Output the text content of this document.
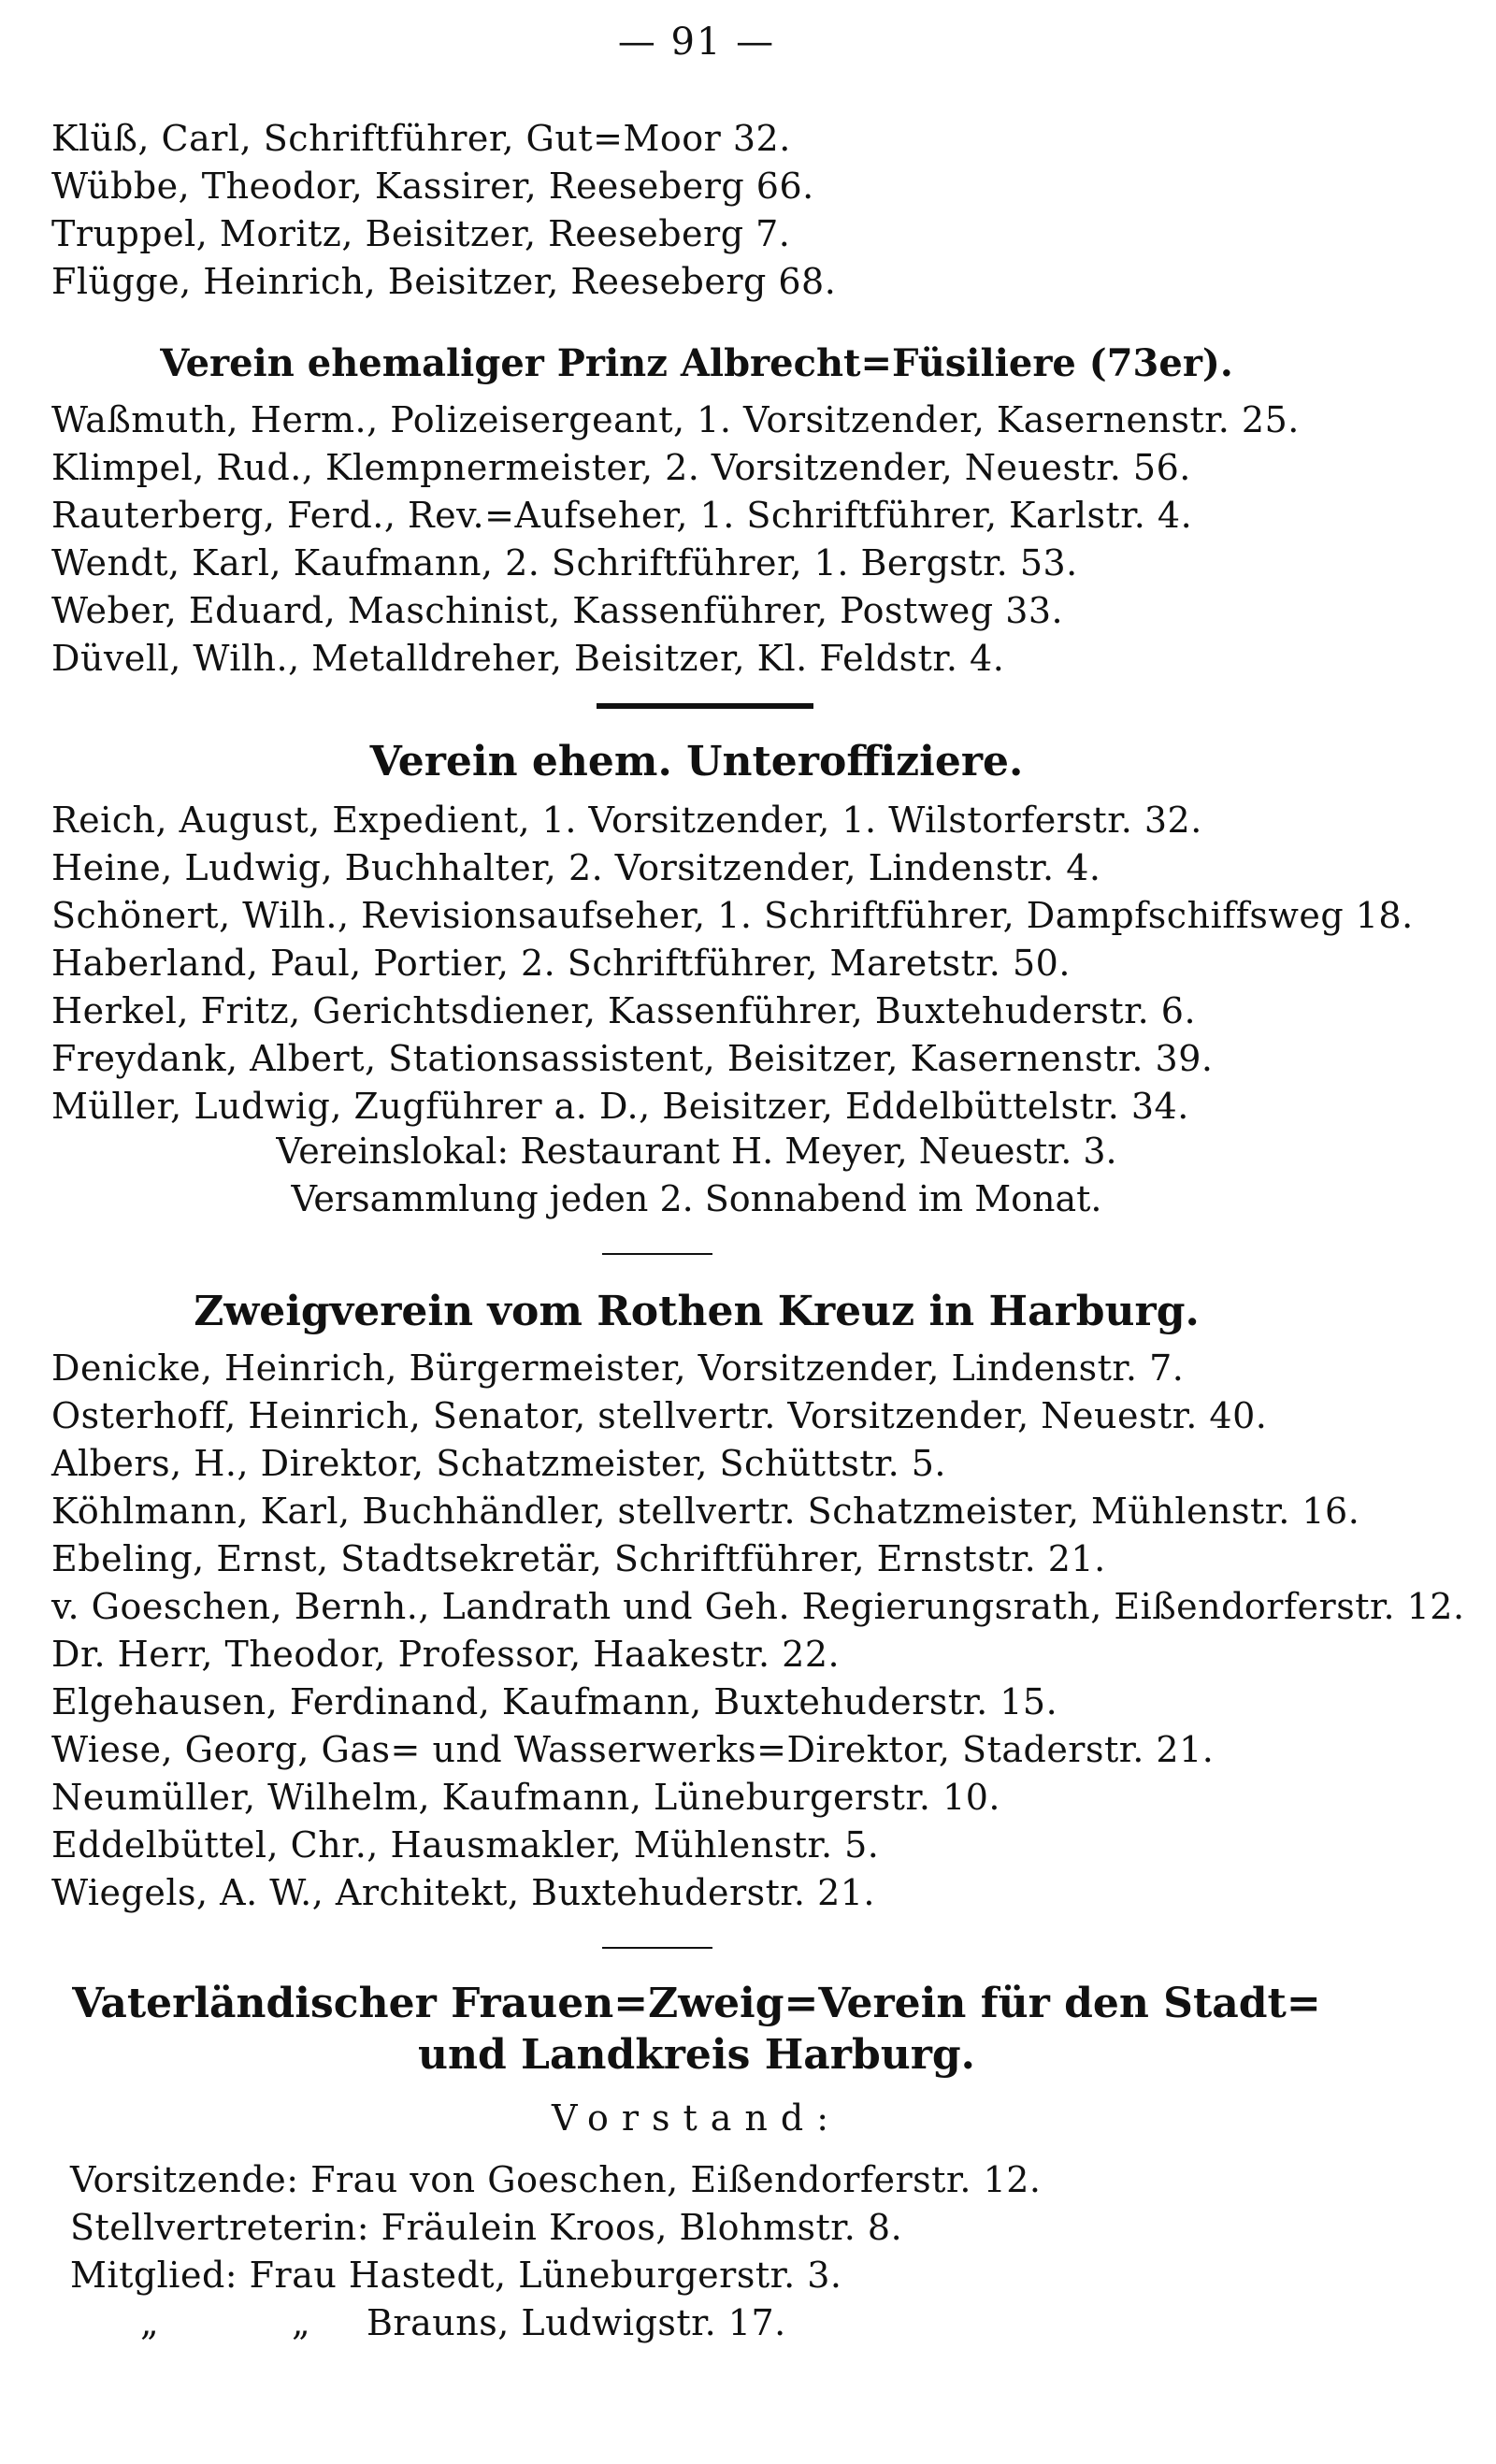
— 91 —
Klüß, Carl, Schriftführer, Gut=Moor 32.
Wübbe, Theodor, Kassirer, Reeseberg 66.
Truppel, Moritz, Beisitzer, Reeseberg 7.
Flügge, Heinrich, Beisitzer, Reeseberg 68.
Verein ehemaliger Prinz Albrecht=Füsiliere (73er).
Waßmuth, Herm., Polizeisergeant, 1. Vorsitzender, Kasernenstr. 25.
Klimpel, Rud., Klempnermeister, 2. Vorsitzender, Neuestr. 56.
Rauterberg, Ferd., Rev.=Aufseher, 1. Schriftführer, Karlstr. 4.
Wendt, Karl, Kaufmann, 2. Schriftführer, 1. Bergstr. 53.
Weber, Eduard, Maschinist, Kassenführer, Postweg 33.
Düvell, Wilh., Metalldreher, Beisitzer, Kl. Feldstr. 4.
Verein ehem. Unteroffiziere.
Reich, August, Expedient, 1. Vorsitzender, 1. Wilstorferstr. 32.
Heine, Ludwig, Buchhalter, 2. Vorsitzender, Lindenstr. 4.
Schönert, Wilh., Revisionsaufseher, 1. Schriftführer, Dampfschiffsweg 18.
Haberland, Paul, Portier, 2. Schriftführer, Maretstr. 50.
Herkel, Fritz, Gerichtsdiener, Kassenführer, Buxtehuderstr. 6.
Freydank, Albert, Stationsassistent, Beisitzer, Kasernenstr. 39.
Müller, Ludwig, Zugführer a. D., Beisitzer, Eddelbüttelstr. 34.
Vereinslokal: Restaurant H. Meyer, Neuestr. 3.
Versammlung jeden 2. Sonnabend im Monat.
Zweigverein vom Rothen Kreuz in Harburg.
Denicke, Heinrich, Bürgermeister, Vorsitzender, Lindenstr. 7.
Osterhoff, Heinrich, Senator, stellvertr. Vorsitzender, Neuestr. 40.
Albers, H., Direktor, Schatzmeister, Schüttstr. 5.
Köhlmann, Karl, Buchhändler, stellvertr. Schatzmeister, Mühlenstr. 16.
Ebeling, Ernst, Stadtsekretär, Schriftführer, Ernststr. 21.
v. Goeschen, Bernh., Landrath und Geh. Regierungsrath, Eißendorferstr. 12.
Dr. Herr, Theodor, Professor, Haakestr. 22.
Elgehausen, Ferdinand, Kaufmann, Buxtehuderstr. 15.
Wiese, Georg, Gas= und Wasserwerks=Direktor, Staderstr. 21.
Neumüller, Wilhelm, Kaufmann, Lüneburgerstr. 10.
Eddelbüttel, Chr., Hausmakler, Mühlenstr. 5.
Wiegels, A. W., Architekt, Buxtehuderstr. 21.
Vaterländischer Frauen=Zweig=Verein für den Stadt=
und Landkreis Harburg.
Vorstand:
Vorsitzende: Frau von Goeschen, Eißendorferstr. 12.
Stellvertreterin: Fräulein Kroos, Blohmstr. 8.
Mitglied: Frau Hastedt, Lüneburgerstr. 3.
„	„ Brauns, Ludwigstr. 17.
